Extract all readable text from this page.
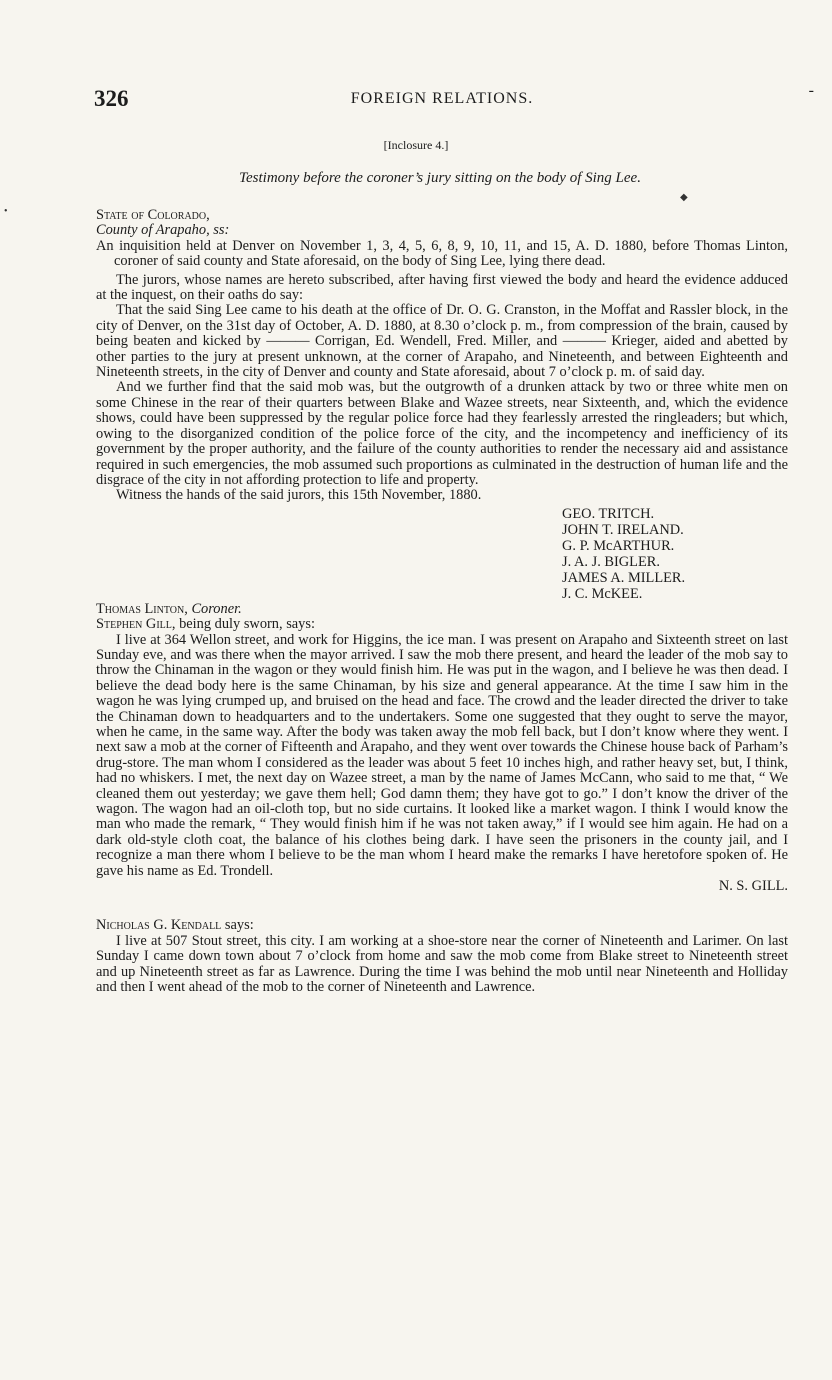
326	FOREIGN RELATIONS.	-
[Inclosure 4.]
Testimony before the coroner’s jury sitting on the body of Sing Lee.
◆
•	State of Colorado,

County of Arapaho, ss:

An inquisition held at Denver on November 1, 3, 4, 5, 6, 8, 9, 10, 11, and 15, A. D. 1880, before Thomas Linton, coroner of said county and State aforesaid, on the body of Sing Lee, lying there dead.

The jurors, whose names are hereto subscribed, after having first viewed the body and heard the evidence adduced at the inquest, on their oaths do say:

That the said Sing Lee came to his death at the office of Dr. O. G. Cranston, in the Moffat and Rassler block, in the city of Denver, on the 31st day of October, A. D. 1880, at 8.30 o’clock p. m., from compression of the brain, caused by being beaten and kicked by ——— Corrigan, Ed. Wendell, Fred. Miller, and ——— Krieger, aided and abetted by other parties to the jury at present unknown, at the corner of Arapaho, and Nineteenth, and between Eighteenth and Nineteenth streets, in the city of Denver and county and State aforesaid, about 7 o’clock p. m. of said day.

And we further find that the said mob was, but the outgrowth of a drunken attack by two or three white men on some Chinese in the rear of their quarters between Blake and Wazee streets, near Sixteenth, and, which the evidence shows, could have been suppressed by the regular police force had they fearlessly arrested the ringleaders; but which, owing to the disorganized condition of the police force of the city, and the incompetency and inefficiency of its government by the proper authority, and the failure of the county authorities to render the necessary aid and assistance required in such emergencies, the mob assumed such proportions as culminated in the destruction of human life and the disgrace of the city in not affording protection to life and property.

Witness the hands of the said jurors, this 15th November, 1880.

GEO. TRITCH.
JOHN T. IRELAND.
G. P. McARTHUR.
J. A. J. BIGLER.
JAMES A. MILLER.
J. C. McKEE.

Thomas Linton, Coroner.

Stephen Gill, being duly sworn, says:

I live at 364 Wellon street, and work for Higgins, the ice man. I was present on Arapaho and Sixteenth street on last Sunday eve, and was there when the mayor arrived. I saw the mob there present, and heard the leader of the mob say to throw the Chinaman in the wagon or they would finish him. He was put in the wagon, and I believe he was then dead. I believe the dead body here is the same Chinaman, by his size and general appearance. At the time I saw him in the wagon he was lying crumped up, and bruised on the head and face. The crowd and the leader directed the driver to take the Chinaman down to headquarters and to the undertakers. Some one suggested that they ought to serve the mayor, when he came, in the same way. After the body was taken away the mob fell back, but I don’t know where they went. I next saw a mob at the corner of Fifteenth and Arapaho, and they went over towards the Chinese house back of Parham’s drug-store. The man whom I considered as the leader was about 5 feet 10 inches high, and rather heavy set, but, I think, had no whiskers. I met, the next day on Wazee street, a man by the name of James McCann, who said to me that, “ We cleaned them out yesterday; we gave them hell; God damn them; they have got to go.” I don’t know the driver of the wagon. The wagon had an oil-cloth top, but no side curtains. It looked like a market wagon. I think I would know the man who made the remark, “ They would finish him if he was not taken away,” if I would see him again. He had on a dark old-style cloth coat, the balance of his clothes being dark. I have seen the prisoners in the county jail, and I recognize a man there whom I believe to be the man whom I heard make the remarks I have heretofore spoken of. He gave his name as Ed. Trondell.

N. S. GILL.

Nicholas G. Kendall says:

I live at 507 Stout street, this city. I am working at a shoe-store near the corner of Nineteenth and Larimer. On last Sunday I came down town about 7 o’clock from home and saw the mob come from Blake street to Nineteenth street and up Nineteenth street as far as Lawrence. During the time I was behind the mob until near Nineteenth and Holliday and then I went ahead of the mob to the corner of Nineteenth and Lawrence.
